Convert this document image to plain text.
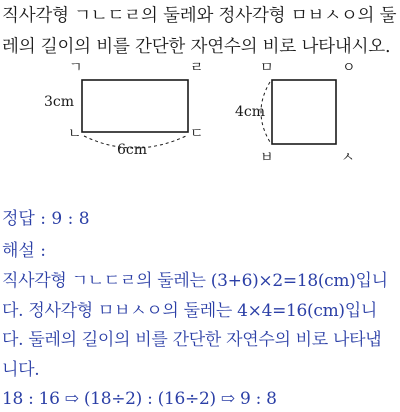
직사각형 ㄱㄴㄷㄹ의 둘레와 정사각형 ㅁㅂㅅㅇ의 둘
레의 길이의 비를 간단한 자연수의 비로 나타내시오.
ㄱ	ㄹ
ㄴ	ㄷ
3cm
6cm
ㅁ	ㅇ
ㅂ	ㅅ
4cm
정답 : 9 : 8
해설 :
직사각형 ㄱㄴㄷㄹ의 둘레는 (3+6)×2=18(cm)입니
다. 정사각형 ㅁㅂㅅㅇ의 둘레는 4×4=16(cm)입니
다. 둘레의 길이의 비를 간단한 자연수의 비로 나타냅
니다.
18 : 16 ⇨ (18÷2) : (16÷2) ⇨ 9 : 8
